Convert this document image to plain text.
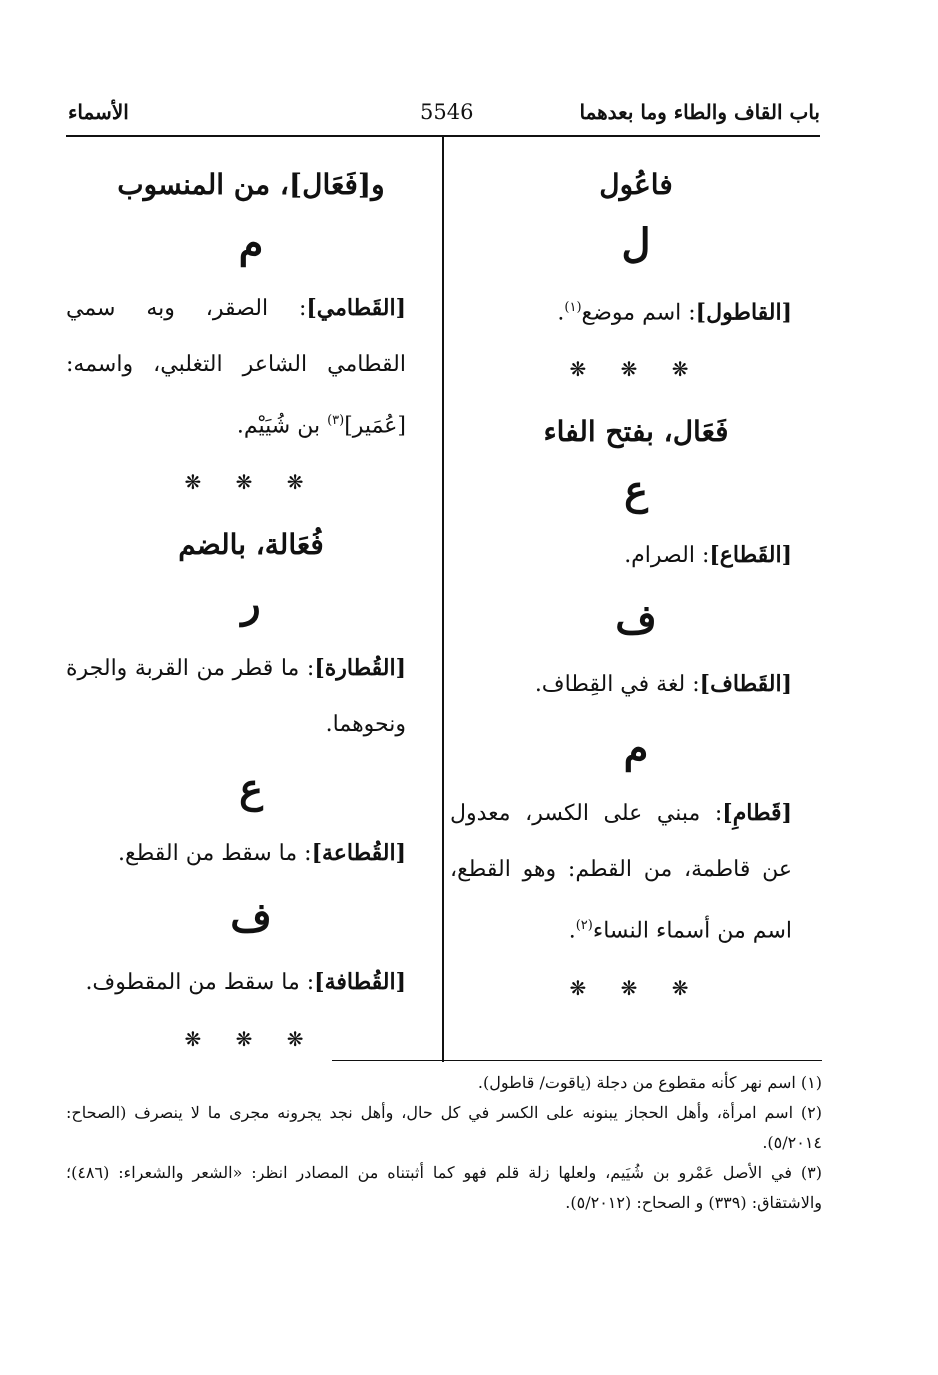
باب القاف والطاء وما بعدهما
5546
الأسماء
فاعُول
ل
[القاطول]: اسم موضع$^{(١)}$.
❋ ❋ ❋
فَعَال، بفتح الفاء
ع
[القَطاع]: الصرام.
ف
[القَطاف]: لغة في القِطاف.
م
[قَطامِ]: مبني على الكسر، معدول عن قاطمة، من القطم: وهو القطع، اسم من أسماء النساء$^{(٢)}$.
❋ ❋ ❋
و[فَعَال]، من المنسوب
م
[القَطامي]: الصقر، وبه سمي القطامي الشاعر التغلبي، واسمه: [عُمَير]$^{(٣)}$ بن شُيَيْم.
❋ ❋ ❋
فُعَالة، بالضم
ر
[القُطارة]: ما قطر من القربة والجرة ونحوهما.
ع
[القُطاعة]: ما سقط من القطع.
ف
[القُطافة]: ما سقط من المقطوف.
❋ ❋ ❋
(١) اسم نهر كأنه مقطوع من دجلة (ياقوت/ قاطول).
(٢) اسم امرأة، وأهل الحجاز يبنونه على الكسر في كل حال، وأهل نجد يجرونه مجرى ما لا ينصرف (الصحاح: ٥/٢٠١٤).
(٣) في الأصل عَمْرو بن شُيَيم، ولعلها زلة قلم فهو كما أثبتناه من المصادر انظر: «الشعر والشعراء: (٤٨٦)؛ والاشتقاق: (٣٣٩) و الصحاح: (٥/٢٠١٢).
